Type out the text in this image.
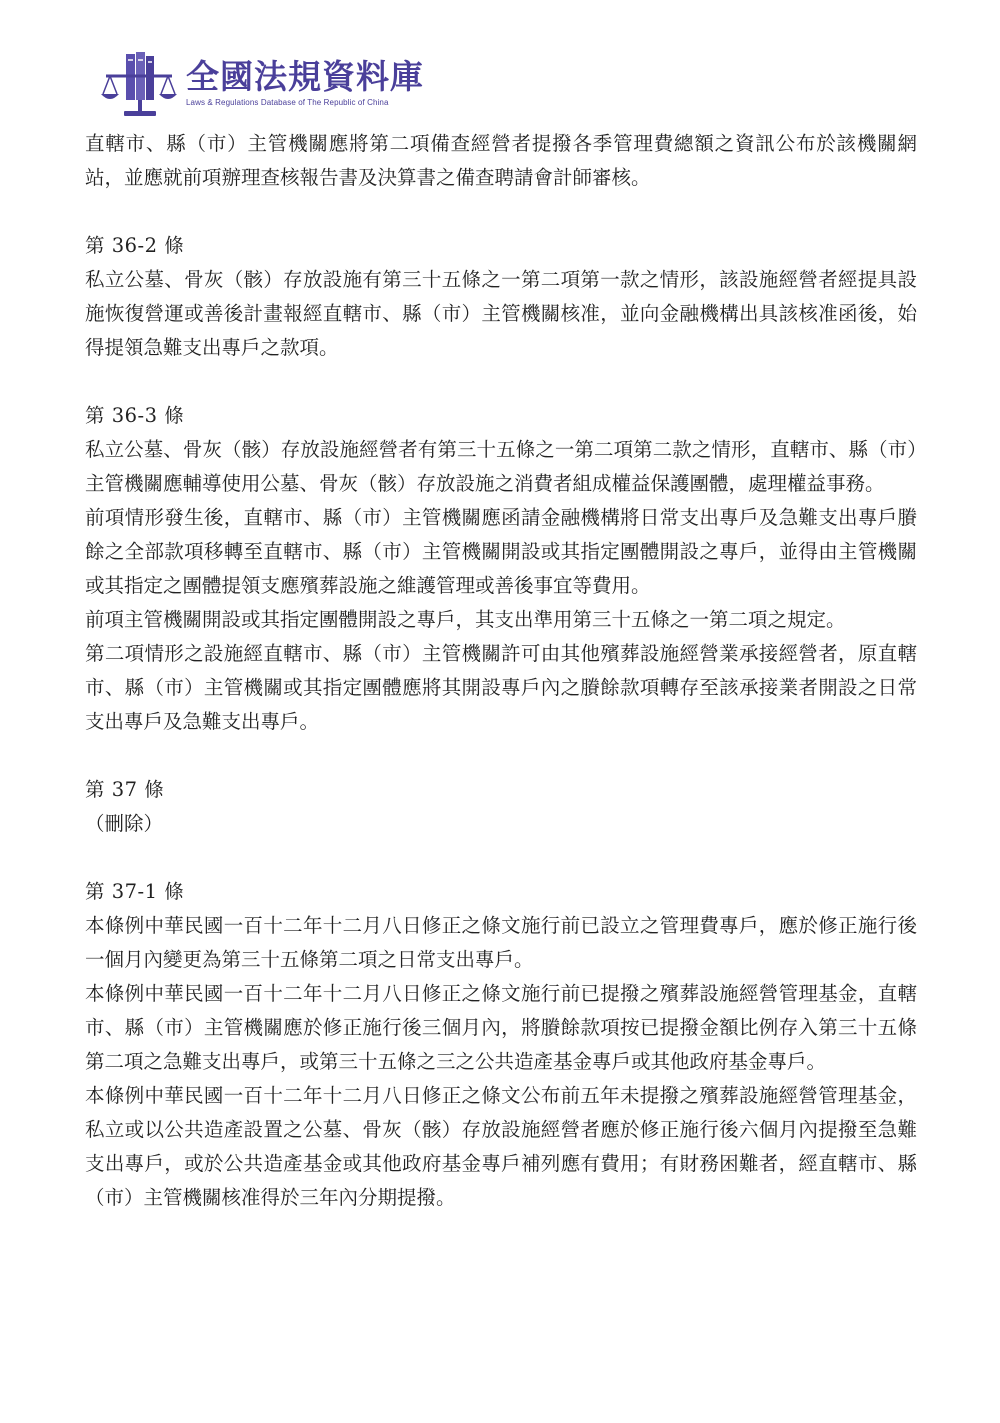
全國法規資料庫
Laws & Regulations Database of The Republic of China

直轄市、縣（市）主管機關應將第二項備查經營者提撥各季管理費總額之資訊公布於該機關網站，並應就前項辦理查核報告書及決算書之備查聘請會計師審核。

第 36-2 條

私立公墓、骨灰（骸）存放設施有第三十五條之一第二項第一款之情形，該設施經營者經提具設施恢復營運或善後計畫報經直轄市、縣（市）主管機關核准，並向金融機構出具該核准函後，始得提領急難支出專戶之款項。

第 36-3 條

私立公墓、骨灰（骸）存放設施經營者有第三十五條之一第二項第二款之情形，直轄市、縣（市）主管機關應輔導使用公墓、骨灰（骸）存放設施之消費者組成權益保護團體，處理權益事務。

前項情形發生後，直轄市、縣（市）主管機關應函請金融機構將日常支出專戶及急難支出專戶賸餘之全部款項移轉至直轄市、縣（市）主管機關開設或其指定團體開設之專戶，並得由主管機關或其指定之團體提領支應殯葬設施之維護管理或善後事宜等費用。

前項主管機關開設或其指定團體開設之專戶，其支出準用第三十五條之一第二項之規定。

第二項情形之設施經直轄市、縣（市）主管機關許可由其他殯葬設施經營業承接經營者，原直轄市、縣（市）主管機關或其指定團體應將其開設專戶內之賸餘款項轉存至該承接業者開設之日常支出專戶及急難支出專戶。

第 37 條

（刪除）

第 37-1 條

本條例中華民國一百十二年十二月八日修正之條文施行前已設立之管理費專戶，應於修正施行後一個月內變更為第三十五條第二項之日常支出專戶。

本條例中華民國一百十二年十二月八日修正之條文施行前已提撥之殯葬設施經營管理基金，直轄市、縣（市）主管機關應於修正施行後三個月內，將賸餘款項按已提撥金額比例存入第三十五條第二項之急難支出專戶，或第三十五條之三之公共造產基金專戶或其他政府基金專戶。

本條例中華民國一百十二年十二月八日修正之條文公布前五年未提撥之殯葬設施經營管理基金，私立或以公共造產設置之公墓、骨灰（骸）存放設施經營者應於修正施行後六個月內提撥至急難支出專戶，或於公共造產基金或其他政府基金專戶補列應有費用；有財務困難者，經直轄市、縣（市）主管機關核准得於三年內分期提撥。
